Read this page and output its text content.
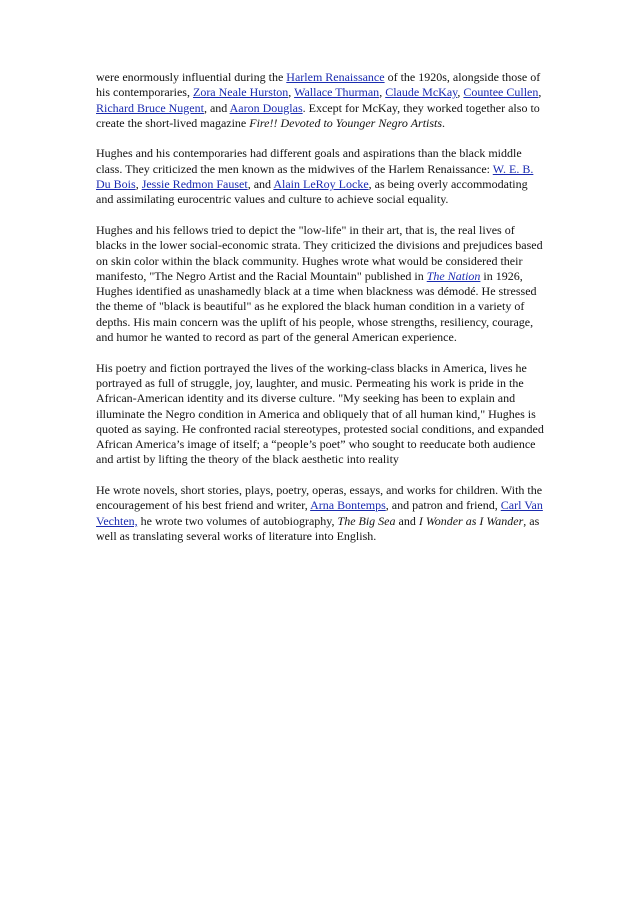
were enormously influential during the Harlem Renaissance of the 1920s, alongside those of his contemporaries, Zora Neale Hurston, Wallace Thurman, Claude McKay, Countee Cullen, Richard Bruce Nugent, and Aaron Douglas. Except for McKay, they worked together also to create the short-lived magazine Fire!! Devoted to Younger Negro Artists.

Hughes and his contemporaries had different goals and aspirations than the black middle class. They criticized the men known as the midwives of the Harlem Renaissance: W. E. B. Du Bois, Jessie Redmon Fauset, and Alain LeRoy Locke, as being overly accommodating and assimilating eurocentric values and culture to achieve social equality.

Hughes and his fellows tried to depict the "low-life" in their art, that is, the real lives of blacks in the lower social-economic strata. They criticized the divisions and prejudices based on skin color within the black community. Hughes wrote what would be considered their manifesto, "The Negro Artist and the Racial Mountain" published in The Nation in 1926, Hughes identified as unashamedly black at a time when blackness was démodé. He stressed the theme of "black is beautiful" as he explored the black human condition in a variety of depths. His main concern was the uplift of his people, whose strengths, resiliency, courage, and humor he wanted to record as part of the general American experience.

His poetry and fiction portrayed the lives of the working-class blacks in America, lives he portrayed as full of struggle, joy, laughter, and music. Permeating his work is pride in the African-American identity and its diverse culture. "My seeking has been to explain and illuminate the Negro condition in America and obliquely that of all human kind," Hughes is quoted as saying. He confronted racial stereotypes, protested social conditions, and expanded African America’s image of itself; a “people’s poet” who sought to reeducate both audience and artist by lifting the theory of the black aesthetic into reality

He wrote novels, short stories, plays, poetry, operas, essays, and works for children. With the encouragement of his best friend and writer, Arna Bontemps, and patron and friend, Carl Van Vechten, he wrote two volumes of autobiography, The Big Sea and I Wonder as I Wander, as well as translating several works of literature into English.
